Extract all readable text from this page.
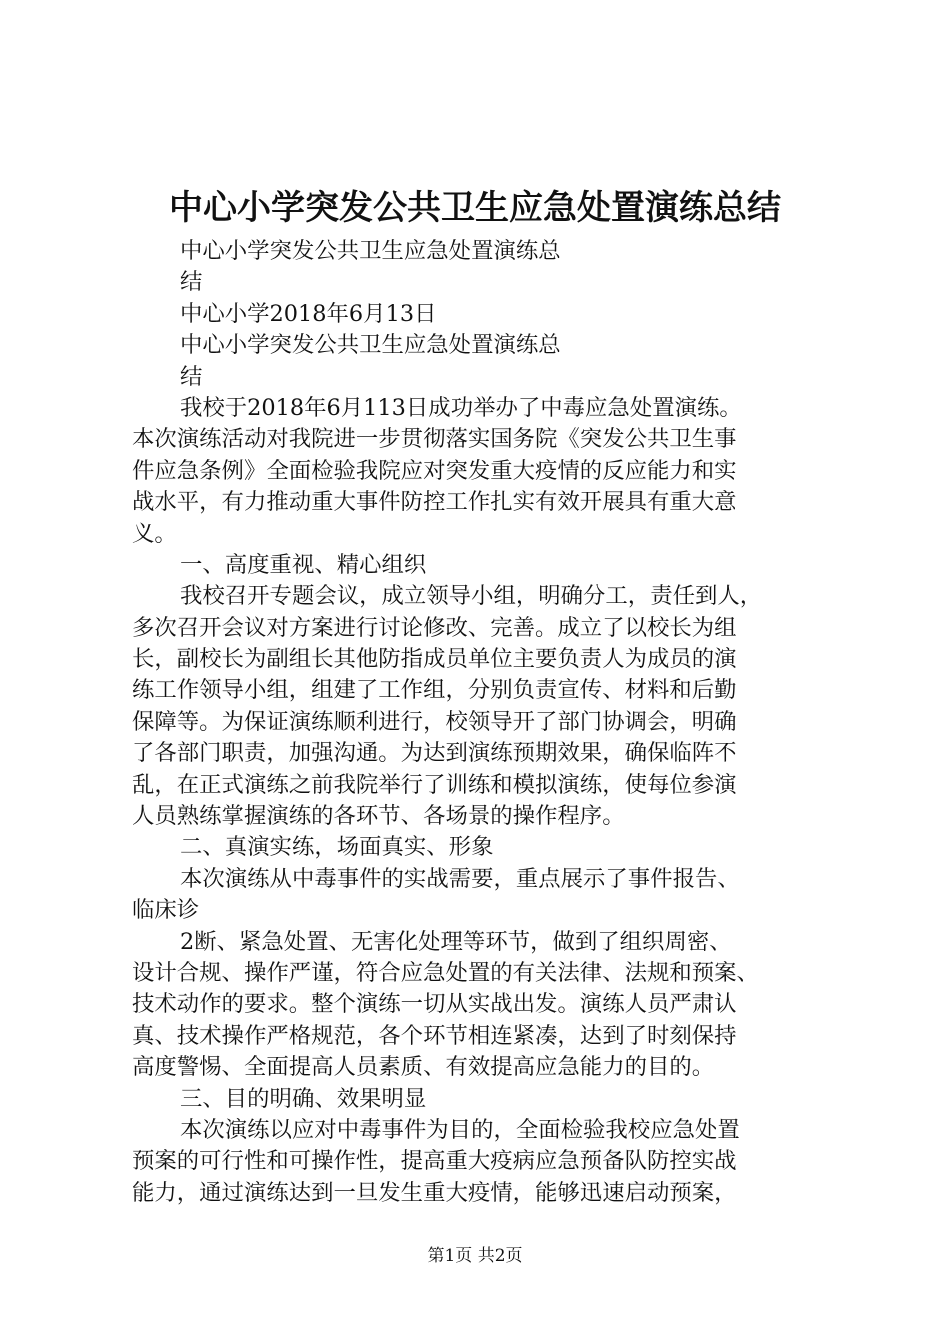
中心小学突发公共卫生应急处置演练总结
中心小学突发公共卫生应急处置演练总
结
中心小学2018年6月13日
中心小学突发公共卫生应急处置演练总
结
我校于2018年6月113日成功举办了中毒应急处置演练。
本次演练活动对我院进一步贯彻落实国务院《突发公共卫生事
件应急条例》全面检验我院应对突发重大疫情的反应能力和实
战水平，有力推动重大事件防控工作扎实有效开展具有重大意
义。
一、高度重视、精心组织
我校召开专题会议，成立领导小组，明确分工，责任到人，
多次召开会议对方案进行讨论修改、完善。成立了以校长为组
长，副校长为副组长其他防指成员单位主要负责人为成员的演
练工作领导小组，组建了工作组，分别负责宣传、材料和后勤
保障等。为保证演练顺利进行，校领导开了部门协调会，明确
了各部门职责，加强沟通。为达到演练预期效果，确保临阵不
乱，在正式演练之前我院举行了训练和模拟演练，使每位参演
人员熟练掌握演练的各环节、各场景的操作程序。
二、真演实练，场面真实、形象
本次演练从中毒事件的实战需要，重点展示了事件报告、
临床诊
2断、紧急处置、无害化处理等环节，做到了组织周密、
设计合规、操作严谨，符合应急处置的有关法律、法规和预案、
技术动作的要求。整个演练一切从实战出发。演练人员严肃认
真、技术操作严格规范，各个环节相连紧凑，达到了时刻保持
高度警惕、全面提高人员素质、有效提高应急能力的目的。
三、目的明确、效果明显
本次演练以应对中毒事件为目的，全面检验我校应急处置
预案的可行性和可操作性，提高重大疫病应急预备队防控实战
能力，通过演练达到一旦发生重大疫情，能够迅速启动预案，
第1页 共2页
